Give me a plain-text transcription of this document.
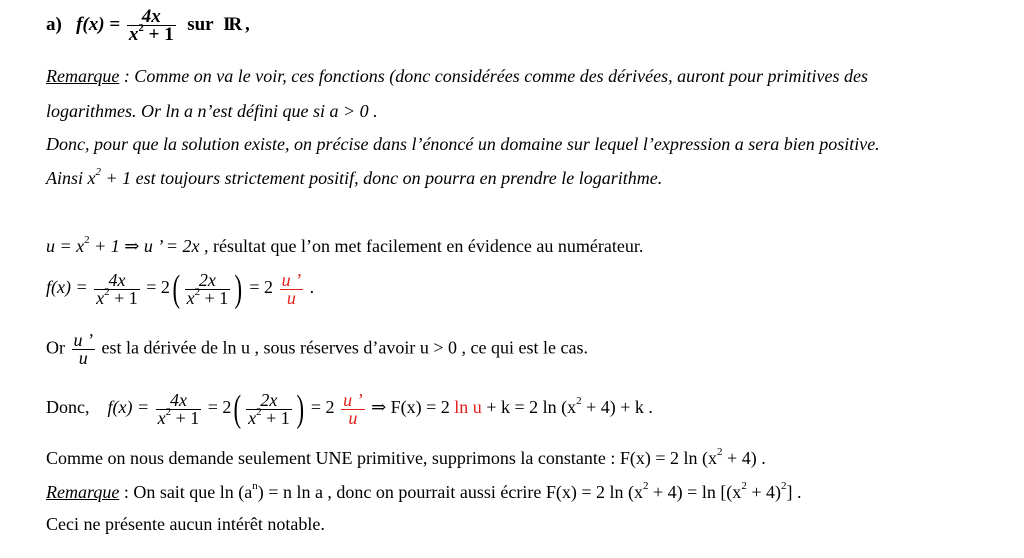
a) $f(x) = \frac{4x}{x^2 + 1}$ sur IR ,
Remarque : Comme on va le voir, ces fonctions (donc considérées comme des dérivées, auront pour primitives des
logarithmes. Or ln a n’est défini que si a > 0 .
Donc, pour que la solution existe, on précise dans l’énoncé un domaine sur lequel l’expression a sera bien positive.
Ainsi $x^2 + 1$ est toujours strictement positif, donc on pourra en prendre le logarithme.
$u = x^2 + 1$ ⇒ u ’ = 2x , résultat que l’on met facilement en évidence au numérateur.
$f(x) = \frac{4x}{x^2 + 1} = 2( \frac{2x}{x^2 + 1}$ ) = $2 \frac{u ’}{u}$ .
Or $\frac{u ’}{u}$ est la dérivée de ln u , sous réserves d’avoir u > 0 , ce qui est le cas.
Donc, $f(x) = \frac{4x}{x^2 + 1} = 2( \frac{2x}{x^2 + 1}$ ) = $2 \frac{u ’}{u}$ ⇒ F(x) = 2 ln u + k = 2 $\ln (x^2 + 4) + k$ .
Comme on nous demande seulement UNE primitive, supprimons la constante : F(x) = 2 $\ln (x^2 + 4)$ .
Remarque : On sait que $\ln (a^n) = n$ ln a , donc on pourrait aussi écrire F(x) = 2 $\ln (x^2 + 4) = \ln [(x^2 + 4)^2]$ .
Ceci ne présente aucun intérêt notable.
